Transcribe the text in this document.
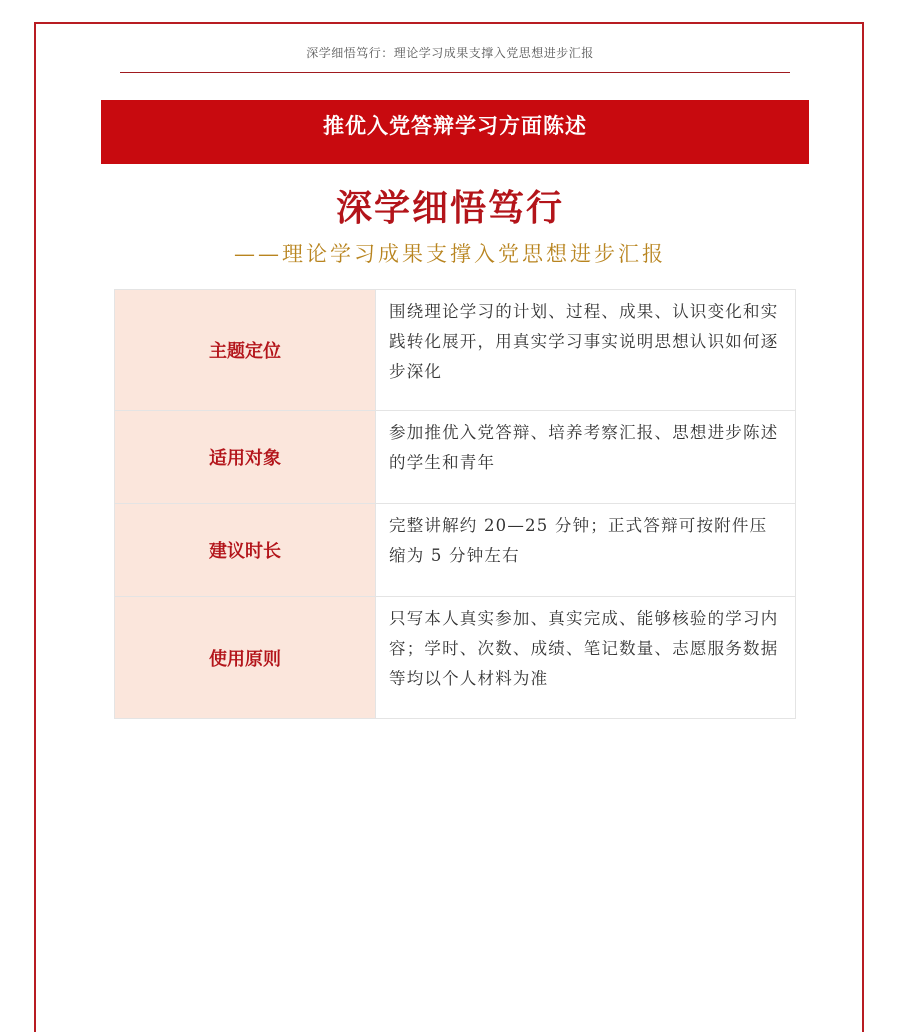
深学细悟笃行：理论学习成果支撑入党思想进步汇报
推优入党答辩学习方面陈述
深学细悟笃行
——理论学习成果支撑入党思想进步汇报
主题定位	围绕理论学习的计划、过程、成果、认识变化和实践转化展开，用真实学习事实说明思想认识如何逐步深化
适用对象	参加推优入党答辩、培养考察汇报、思想进步陈述的学生和青年
建议时长	完整讲解约 20—25 分钟；正式答辩可按附件压缩为 5 分钟左右
使用原则	只写本人真实参加、真实完成、能够核验的学习内容；学时、次数、成绩、笔记数量、志愿服务数据等均以个人材料为准
